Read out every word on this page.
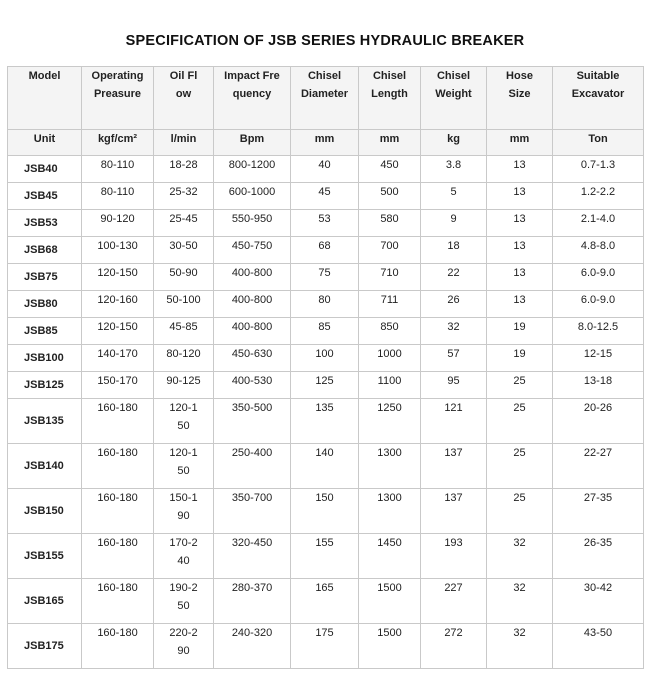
SPECIFICATION OF JSB SERIES HYDRAULIC BREAKER
Model	Operating Preasure	Oil Flow	Impact Frequency	Chisel Diameter	Chisel Length	Chisel Weight	Hose Size	Suitable Excavator
Unit	kgf/cm²	l/min	Bpm	mm	mm	kg	mm	Ton
JSB40	80-110	18-28	800-1200	40	450	3.8	13	0.7-1.3
JSB45	80-110	25-32	600-1000	45	500	5	13	1.2-2.2
JSB53	90-120	25-45	550-950	53	580	9	13	2.1-4.0
JSB68	100-130	30-50	450-750	68	700	18	13	4.8-8.0
JSB75	120-150	50-90	400-800	75	710	22	13	6.0-9.0
JSB80	120-160	50-100	400-800	80	711	26	13	6.0-9.0
JSB85	120-150	45-85	400-800	85	850	32	19	8.0-12.5
JSB100	140-170	80-120	450-630	100	1000	57	19	12-15
JSB125	150-170	90-125	400-530	125	1100	95	25	13-18
JSB135	160-180	120-150	350-500	135	1250	121	25	20-26
JSB140	160-180	120-150	250-400	140	1300	137	25	22-27
JSB150	160-180	150-190	350-700	150	1300	137	25	27-35
JSB155	160-180	170-240	320-450	155	1450	193	32	26-35
JSB165	160-180	190-250	280-370	165	1500	227	32	30-42
JSB175	160-180	220-290	240-320	175	1500	272	32	43-50
